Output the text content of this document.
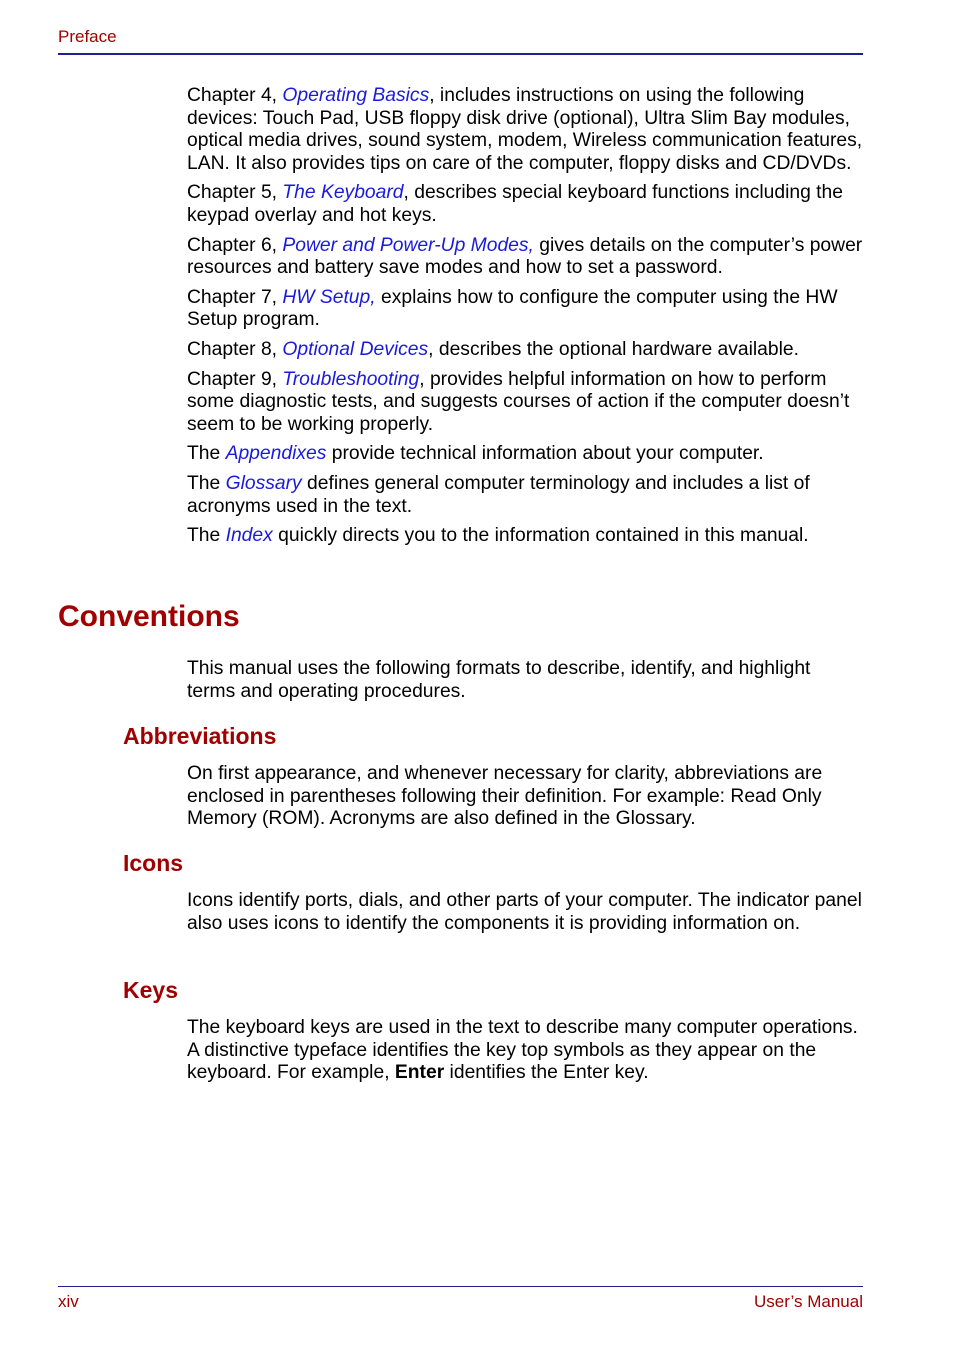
Preface

Chapter 4, Operating Basics, includes instructions on using the following devices: Touch Pad, USB floppy disk drive (optional), Ultra Slim Bay modules, optical media drives, sound system, modem, Wireless communication features, LAN. It also provides tips on care of the computer, floppy disks and CD/DVDs.

Chapter 5, The Keyboard, describes special keyboard functions including the keypad overlay and hot keys.

Chapter 6, Power and Power-Up Modes, gives details on the computer’s power resources and battery save modes and how to set a password.

Chapter 7, HW Setup, explains how to configure the computer using the HW Setup program.

Chapter 8, Optional Devices, describes the optional hardware available.

Chapter 9, Troubleshooting, provides helpful information on how to perform some diagnostic tests, and suggests courses of action if the computer doesn’t seem to be working properly.

The Appendixes provide technical information about your computer.

The Glossary defines general computer terminology and includes a list of acronyms used in the text.

The Index quickly directs you to the information contained in this manual.

Conventions

This manual uses the following formats to describe, identify, and highlight terms and operating procedures.

Abbreviations

On first appearance, and whenever necessary for clarity, abbreviations are enclosed in parentheses following their definition. For example: Read Only Memory (ROM). Acronyms are also defined in the Glossary.

Icons

Icons identify ports, dials, and other parts of your computer. The indicator panel also uses icons to identify the components it is providing information on.

Keys

The keyboard keys are used in the text to describe many computer operations. A distinctive typeface identifies the key top symbols as they appear on the keyboard. For example, Enter identifies the Enter key.

xiv	User’s Manual
